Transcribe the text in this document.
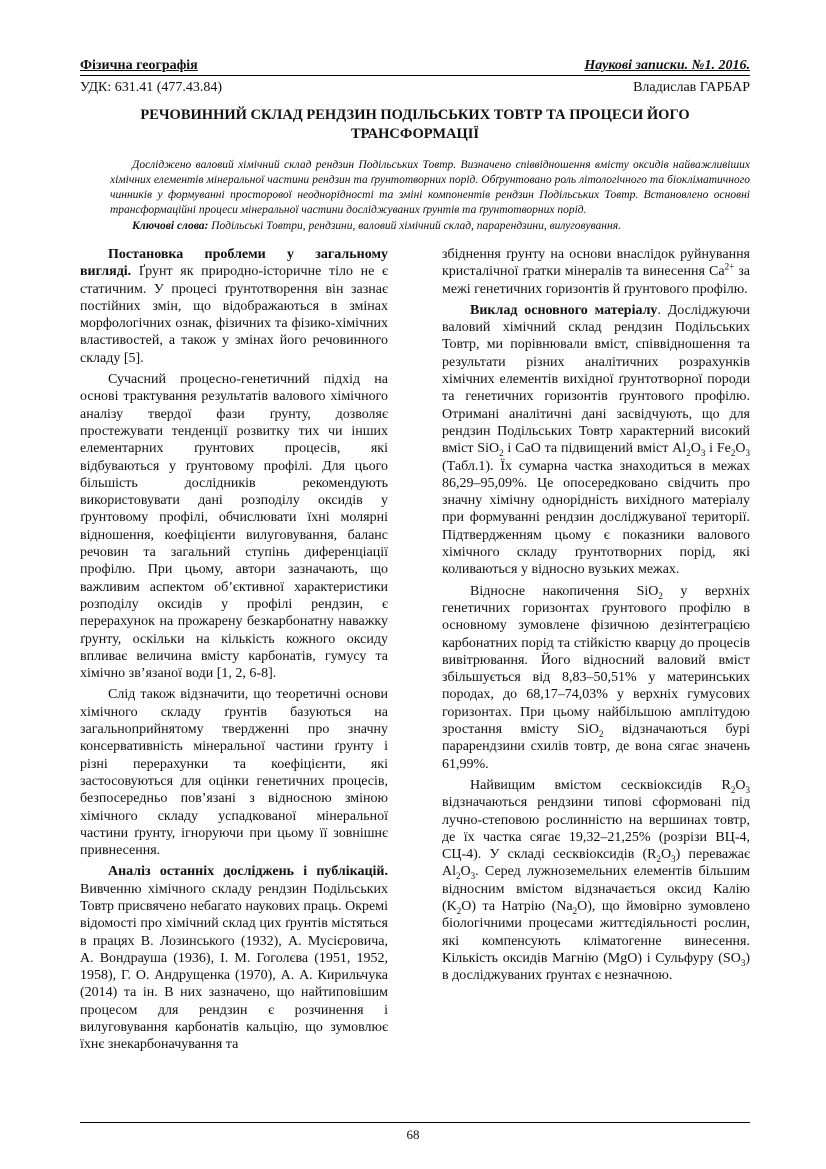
Фізична географія	Наукові записки. №1. 2016.
УДК: 631.41 (477.43.84)	Владислав ГАРБАР
РЕЧОВИННИЙ СКЛАД РЕНДЗИН ПОДІЛЬСЬКИХ ТОВТР ТА ПРОЦЕСИ ЙОГО ТРАНСФОРМАЦІЇ
Досліджено валовий хімічний склад рендзин Подільських Товтр. Визначено співвідношення вмісту оксидів найважливіших хімічних елементів мінеральної частини рендзин та ґрунтотворних порід. Обґрунтовано роль літологічного та біокліматичного чинників у формуванні просторової неоднорідності та зміні компонентів рендзин Подільських Товтр. Встановлено основні трансформаційні процеси мінеральної частини досліджуваних ґрунтів та ґрунтотворних порід.
Ключові слова: Подільські Товтри, рендзини, валовий хімічний склад, парарендзини, вилуговування.

Постановка проблеми у загальному вигляді. Ґрунт як природно-історичне тіло не є статичним. У процесі ґрунтотворення він зазнає постійних змін, що відображаються в змінах морфологічних ознак, фізичних та фізико-хімічних властивостей, а також у змінах його речовинного складу [5].

Сучасний процесно-генетичний підхід на основі трактування результатів валового хімічного аналізу твердої фази ґрунту, дозволяє простежувати тенденції розвитку тих чи інших елементарних ґрунтових процесів, які відбуваються у ґрунтовому профілі. Для цього більшість дослідників рекомендують використовувати дані розподілу оксидів у ґрунтовому профілі, обчислювати їхні молярні відношення, коефіцієнти вилуговування, баланс речовин та загальний ступінь диференціації профілю. При цьому, автори зазначають, що важливим аспектом об’єктивної характеристики розподілу оксидів у профілі рендзин, є перерахунок на прожарену безкарбонатну наважку ґрунту, оскільки на кількість кожного оксиду впливає величина вмісту карбонатів, гумусу та хімічно зв’язаної води [1, 2, 6-8].

Слід також відзначити, що теоретичні основи хімічного складу ґрунтів базуються на загальноприйнятому твердженні про значну консервативність мінеральної частини ґрунту і різні перерахунки та коефіцієнти, які застосовуються для оцінки генетичних процесів, безпосередньо пов’язані з відносною зміною хімічного складу успадкованої мінеральної частини ґрунту, ігноруючи при цьому її зовнішнє привнесення.

Аналіз останніх досліджень і публікацій. Вивченню хімічного складу рендзин Подільських Товтр присвячено небагато наукових праць. Окремі відомості про хімічний склад цих ґрунтів містяться в працях В. Лозинського (1932), А. Мусієровича, А. Вондрауша (1936), І. М. Гоголєва (1951, 1952, 1958), Г. О. Андрущенка (1970), А. А. Кирильчука (2014) та ін. В них зазначено, що найтиповішим процесом для рендзин є розчинення і вилуговування карбонатів кальцію, що зумовлює їхнє знекарбоначування та

збіднення ґрунту на основи внаслідок руйнування кристалічної ґратки мінералів та винесення $Ca^{2+}$ за межі генетичних горизонтів й ґрунтового профілю.

Виклад основного матеріалу. Досліджуючи валовий хімічний склад рендзин Подільських Товтр, ми порівнювали вміст, співвідношення та результати різних аналітичних розрахунків хімічних елементів вихідної ґрунтотворної породи та генетичних горизонтів ґрунтового профілю. Отримані аналітичні дані засвідчують, що для рендзин Подільських Товтр характерний високий вміст SiO$_2$ і CaO та підвищений вміст $Al_2O_3$ і $Fe_2O_3$ (Табл.1). Їх сумарна частка знаходиться в межах 86,29–95,09%. Це опосередковано свідчить про значну хімічну однорідність вихідного матеріалу при формуванні рендзин досліджуваної території. Підтвердженням цьому є показники валового хімічного складу ґрунтотворних порід, які коливаються у відносно вузьких межах.

Відносне накопичення SiO$_2$ у верхніх генетичних горизонтах ґрунтового профілю в основному зумовлене фізичною дезінтеграцією карбонатних порід та стійкістю кварцу до процесів вивітрювання. Його відносний валовий вміст збільшується від 8,83–50,51% у материнських породах, до 68,17–74,03% у верхніх гумусових горизонтах. При цьому найбільшою амплітудою зростання вмісту SiO$_2$ відзначаються бурі парарендзини схилів товтр, де вона сягає значень 61,99%.

Найвищим вмістом сесквіоксидів $R_2O_3$ відзначаються рендзини типові сформовані під лучно-степовою рослинністю на вершинах товтр, де їх частка сягає 19,32–21,25% (розрізи ВЦ-4, СЦ-4). У складі сесквіоксидів $(R_2O_3)$ переважає $Al_2O_3$. Серед лужноземельних елементів більшим відносним вмістом відзначається оксид Калію $(K_2O)$ та Натрію $(Na_2O)$, що ймовірно зумовлено біологічними процесами життєдіяльності рослин, які компенсують кліматогенне винесення. Кількість оксидів Магнію (MgO) і Сульфуру $(SO_3)$ в досліджуваних ґрунтах є незначною.

68
